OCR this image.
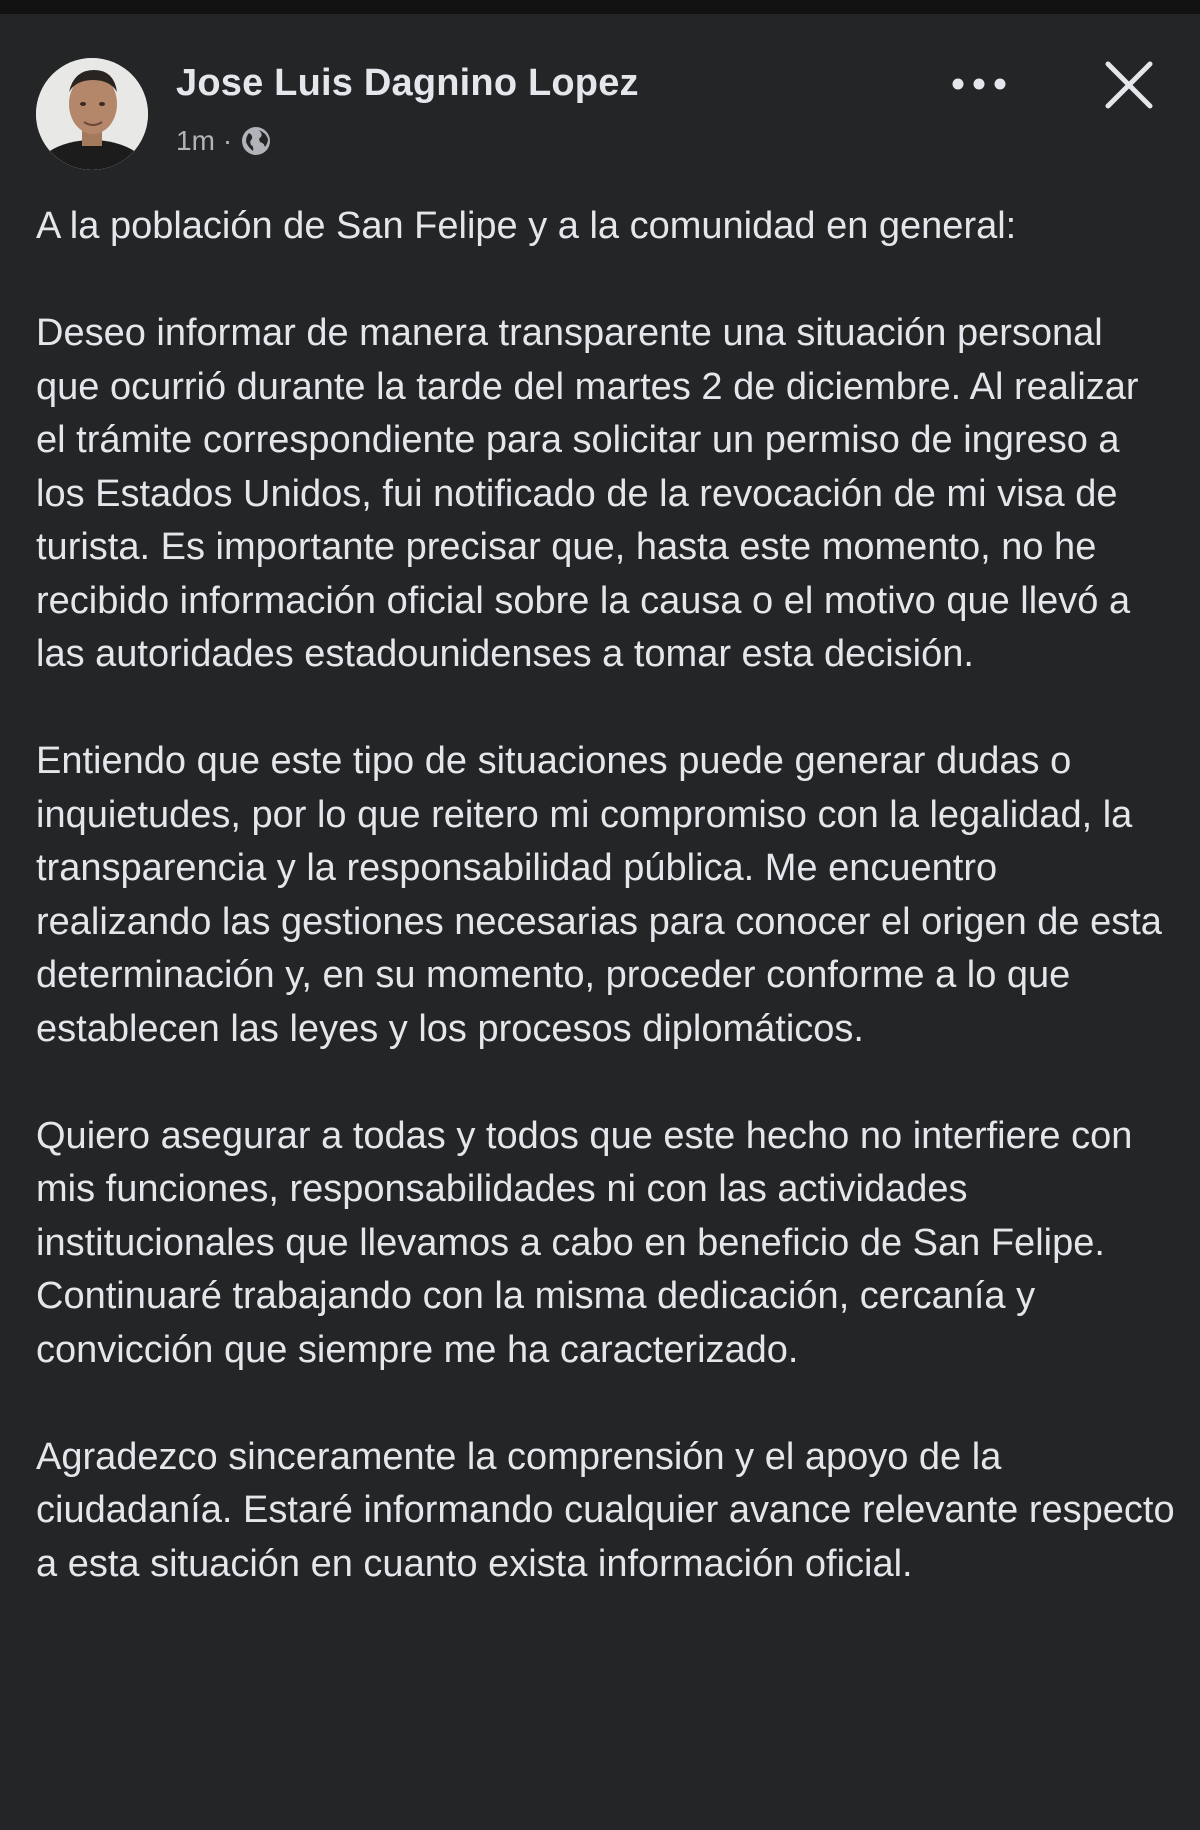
Jose Luis Dagnino Lopez
1m ·

A la población de San Felipe y a la comunidad en general:

Deseo informar de manera transparente una situación personal que ocurrió durante la tarde del martes 2 de diciembre. Al realizar el trámite correspondiente para solicitar un permiso de ingreso a los Estados Unidos, fui notificado de la revocación de mi visa de turista. Es importante precisar que, hasta este momento, no he recibido información oficial sobre la causa o el motivo que llevó a las autoridades estadounidenses a tomar esta decisión.

Entiendo que este tipo de situaciones puede generar dudas o inquietudes, por lo que reitero mi compromiso con la legalidad, la transparencia y la responsabilidad pública. Me encuentro realizando las gestiones necesarias para conocer el origen de esta determinación y, en su momento, proceder conforme a lo que establecen las leyes y los procesos diplomáticos.

Quiero asegurar a todas y todos que este hecho no interfiere con mis funciones, responsabilidades ni con las actividades institucionales que llevamos a cabo en beneficio de San Felipe. Continuaré trabajando con la misma dedicación, cercanía y convicción que siempre me ha caracterizado.

Agradezco sinceramente la comprensión y el apoyo de la ciudadanía. Estaré informando cualquier avance relevante respecto a esta situación en cuanto exista información oficial.
